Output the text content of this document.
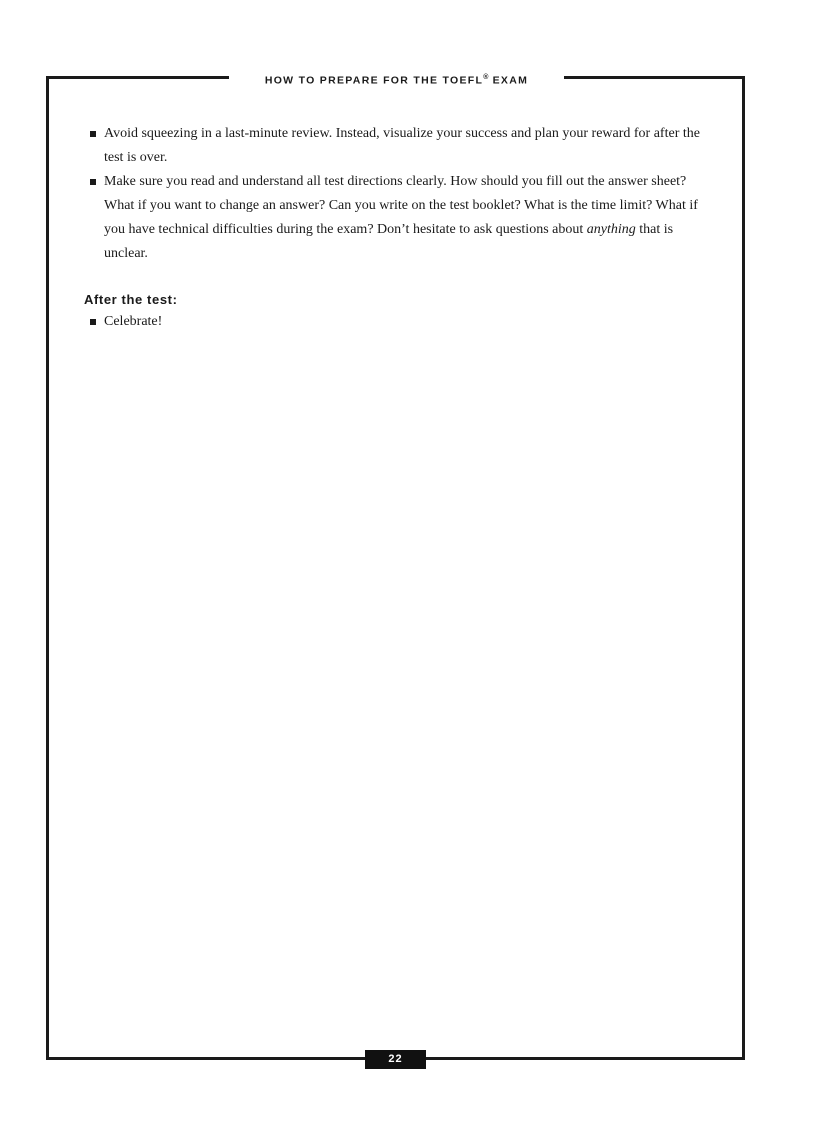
HOW TO PREPARE FOR THE TOEFL® EXAM
Avoid squeezing in a last-minute review. Instead, visualize your success and plan your reward for after the test is over.
Make sure you read and understand all test directions clearly. How should you fill out the answer sheet? What if you want to change an answer? Can you write on the test booklet? What is the time limit? What if you have technical difficulties during the exam? Don’t hesitate to ask questions about anything that is unclear.
After the test:
Celebrate!
22
